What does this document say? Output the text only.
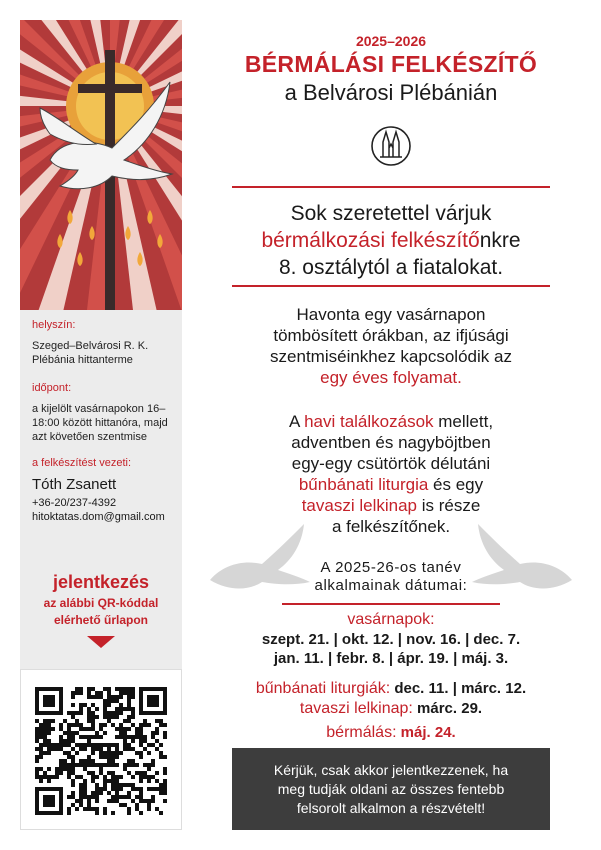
helyszín:
Szeged–Belvárosi R. K. Plébánia hittanterme
időpont:
a kijelölt vasárnapokon 16–18:00 között hittanóra, majd azt követően szentmise
a felkészítést vezeti:
Tóth Zsanett
+36-20/237-4392
hitoktatas.dom@gmail.com
jelentkezés
az alábbi QR-kóddal
elérhető űrlapon
2025–2026
BÉRMÁLÁSI FELKÉSZÍTŐ
a Belvárosi Plébánián
Sok szeretettel várjuk
bérmálkozási felkészítőnkre
8. osztálytól a fiatalokat.
Havonta egy vasárnapon
tömbösített órákban, az ifjúsági
szentmiséinkhez kapcsolódik az
egy éves folyamat.
A havi találkozások mellett,
adventben és nagyböjtben
egy-egy csütörtök délutáni
bűnbánati liturgia és egy
tavaszi lelkinap is része
a felkészítőnek.
A 2025-26-os tanév
alkalmainak dátumai:
vasárnapok:
szept. 21. | okt. 12. | nov. 16. | dec. 7.
jan. 11. | febr. 8. | ápr. 19. | máj. 3.
bűnbánati liturgiák: dec. 11. | márc. 12.
tavaszi lelkinap: márc. 29.
bérmálás: máj. 24.
Kérjük, csak akkor jelentkezzenek, ha
meg tudják oldani az összes fentebb
felsorolt alkalmon a részvételt!
